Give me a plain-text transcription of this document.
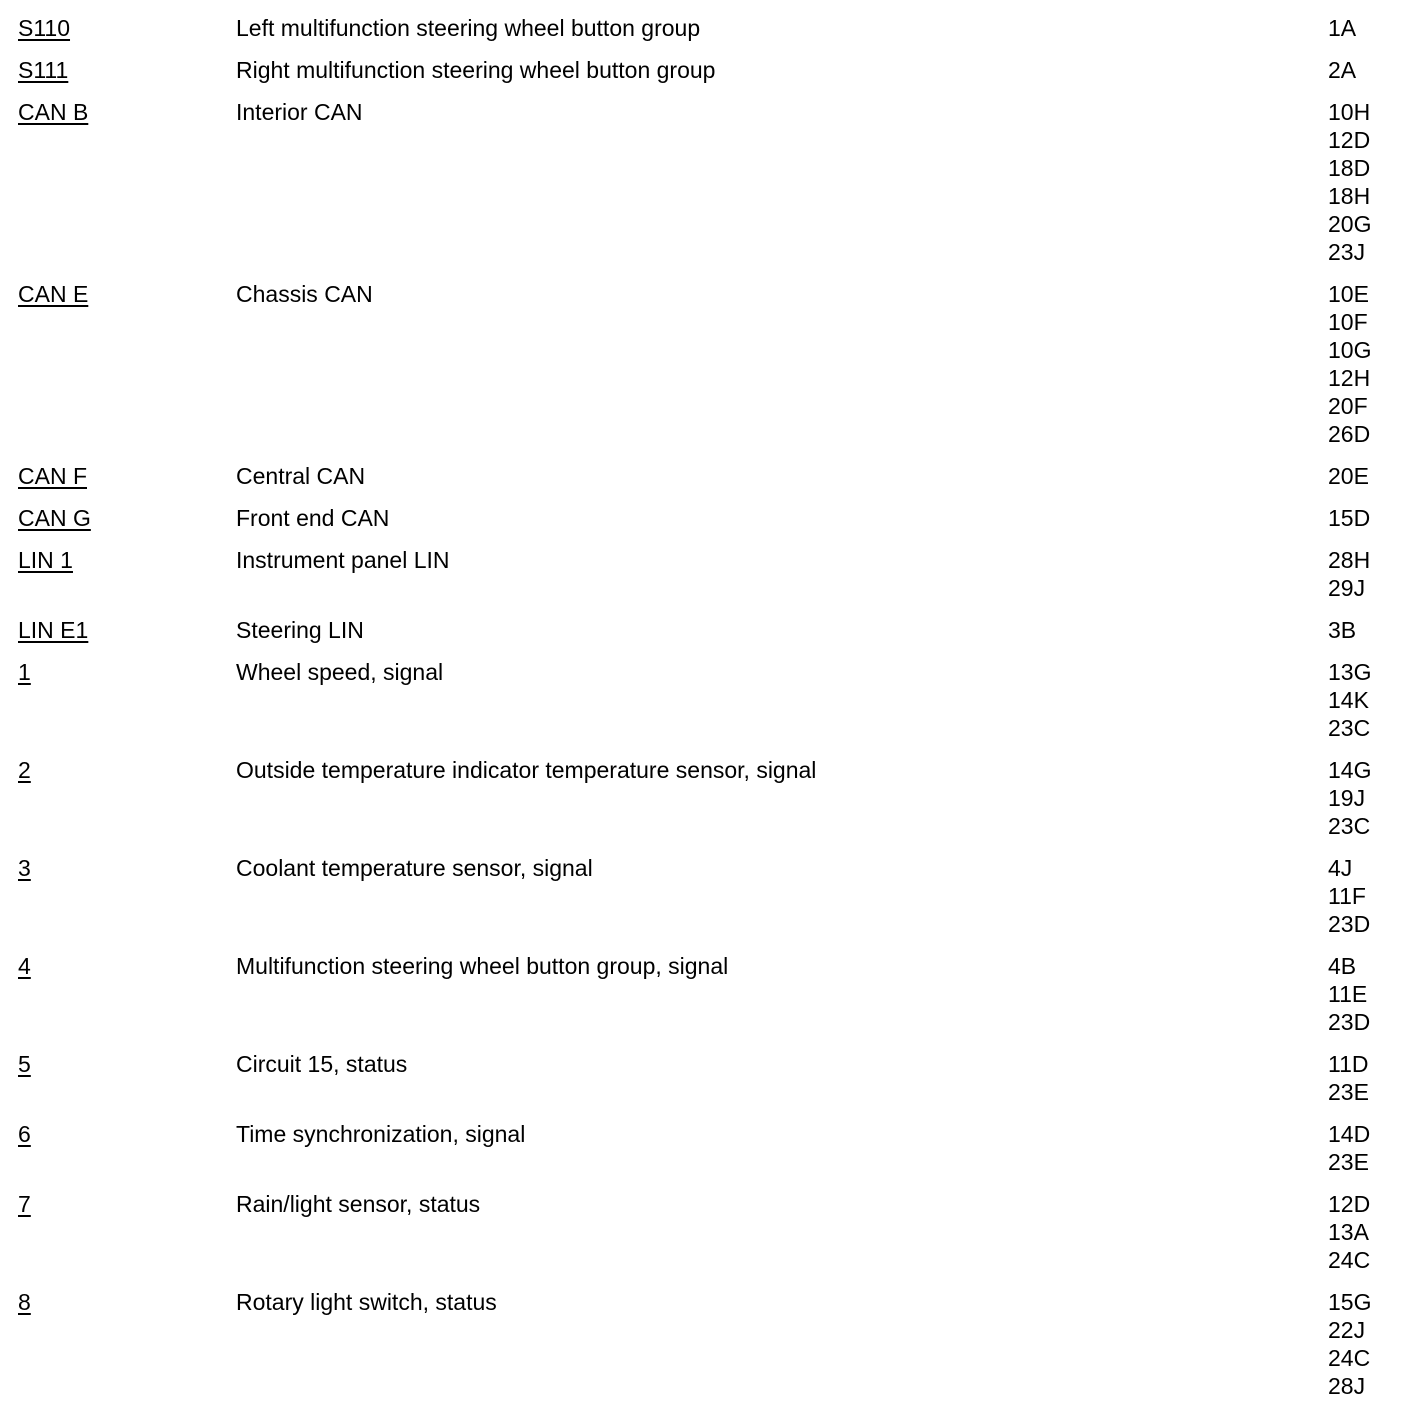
S110	Left multifunction steering wheel button group	1A
S111	Right multifunction steering wheel button group	2A
CAN B	Interior CAN	10H
12D
18D
18H
20G
23J
CAN E	Chassis CAN	10E
10F
10G
12H
20F
26D
CAN F	Central CAN	20E
CAN G	Front end CAN	15D
LIN 1	Instrument panel LIN	28H
29J
LIN E1	Steering LIN	3B
1	Wheel speed, signal	13G
14K
23C
2	Outside temperature indicator temperature sensor, signal	14G
19J
23C
3	Coolant temperature sensor, signal	4J
11F
23D
4	Multifunction steering wheel button group, signal	4B
11E
23D
5	Circuit 15, status	11D
23E
6	Time synchronization, signal	14D
23E
7	Rain/light sensor, status	12D
13A
24C
8	Rotary light switch, status	15G
22J
24C
28J
